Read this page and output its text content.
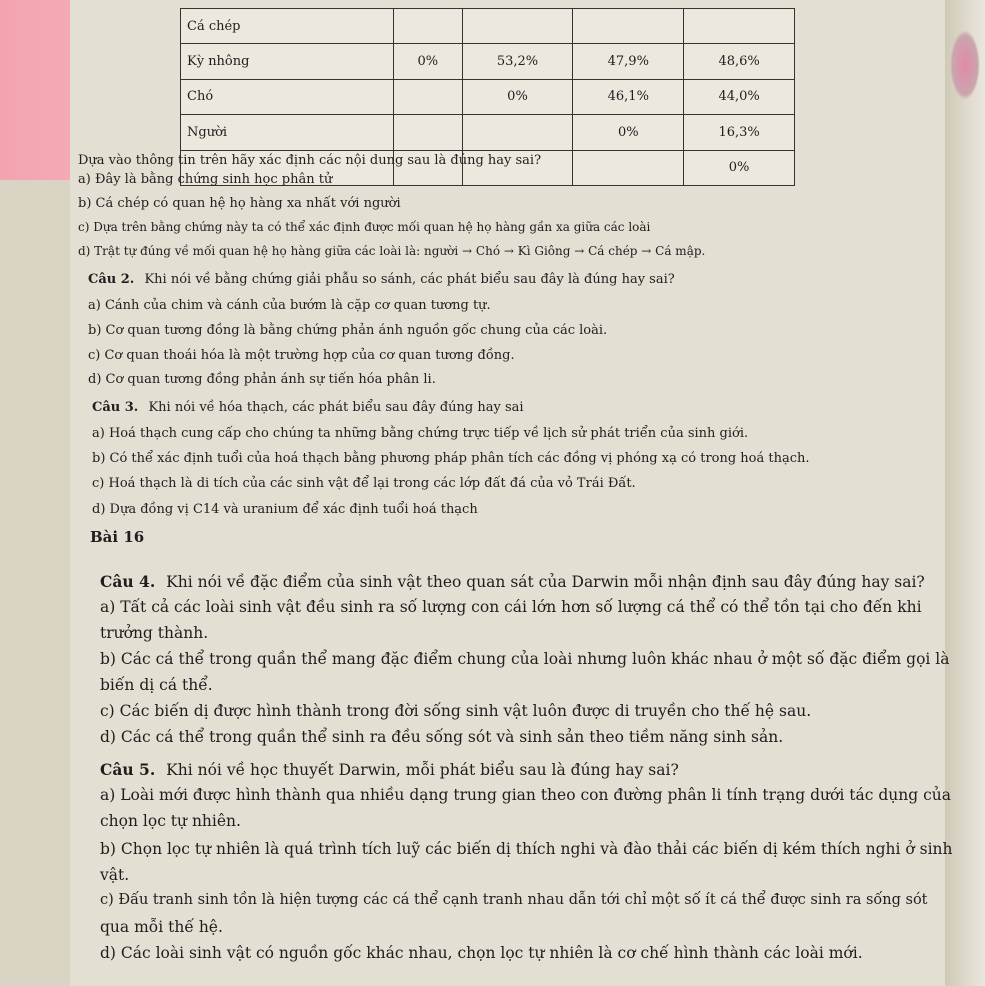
Cá chép				
Kỳ nhông	0%	53,2%	47,9%	48,6%
Chó		0%	46,1%	44,0%
Người			0%	16,3%
				0%
Dựa vào thông tin trên hãy xác định các nội dung sau là đúng hay sai?
a) Đây là bằng chứng sinh học phân tử
b) Cá chép có quan hệ họ hàng xa nhất với người
c) Dựa trên bằng chứng này ta có thể xác định được mối quan hệ họ hàng gần xa giữa các loài
d) Trật tự đúng về mối quan hệ họ hàng giữa các loài là: người → Chó → Kì Giông → Cá chép → Cá mập.
Câu 2. Khi nói về bằng chứng giải phẫu so sánh, các phát biểu sau đây là đúng hay sai?
a) Cánh của chim và cánh của bướm là cặp cơ quan tương tự.
b) Cơ quan tương đồng là bằng chứng phản ánh nguồn gốc chung của các loài.
c) Cơ quan thoái hóa là một trường hợp của cơ quan tương đồng.
d) Cơ quan tương đồng phản ánh sự tiến hóa phân li.
Câu 3. Khi nói về hóa thạch, các phát biểu sau đây đúng hay sai
a) Hoá thạch cung cấp cho chúng ta những bằng chứng trực tiếp về lịch sử phát triển của sinh giới.
b) Có thể xác định tuổi của hoá thạch bằng phương pháp phân tích các đồng vị phóng xạ có trong hoá thạch.
c) Hoá thạch là di tích của các sinh vật để lại trong các lớp đất đá của vỏ Trái Đất.
d) Dựa đồng vị C14 và uranium để xác định tuổi hoá thạch
Bài 16
Câu 4. Khi nói về đặc điểm của sinh vật theo quan sát của Darwin mỗi nhận định sau đây đúng hay sai?
a) Tất cả các loài sinh vật đều sinh ra số lượng con cái lớn hơn số lượng cá thể có thể tồn tại cho đến khi
trưởng thành.
b) Các cá thể trong quần thể mang đặc điểm chung của loài nhưng luôn khác nhau ở một số đặc điểm gọi là
biến dị cá thể.
c) Các biến dị được hình thành trong đời sống sinh vật luôn được di truyền cho thế hệ sau.
d) Các cá thể trong quần thể sinh ra đều sống sót và sinh sản theo tiềm năng sinh sản.
Câu 5. Khi nói về học thuyết Darwin, mỗi phát biểu sau là đúng hay sai?
a) Loài mới được hình thành qua nhiều dạng trung gian theo con đường phân li tính trạng dưới tác dụng của
chọn lọc tự nhiên.
b) Chọn lọc tự nhiên là quá trình tích luỹ các biến dị thích nghi và đào thải các biến dị kém thích nghi ở sinh
vật.
c) Đấu tranh sinh tồn là hiện tượng các cá thể cạnh tranh nhau dẫn tới chỉ một số ít cá thể được sinh ra sống sót
qua mỗi thế hệ.
d) Các loài sinh vật có nguồn gốc khác nhau, chọn lọc tự nhiên là cơ chế hình thành các loài mới.
